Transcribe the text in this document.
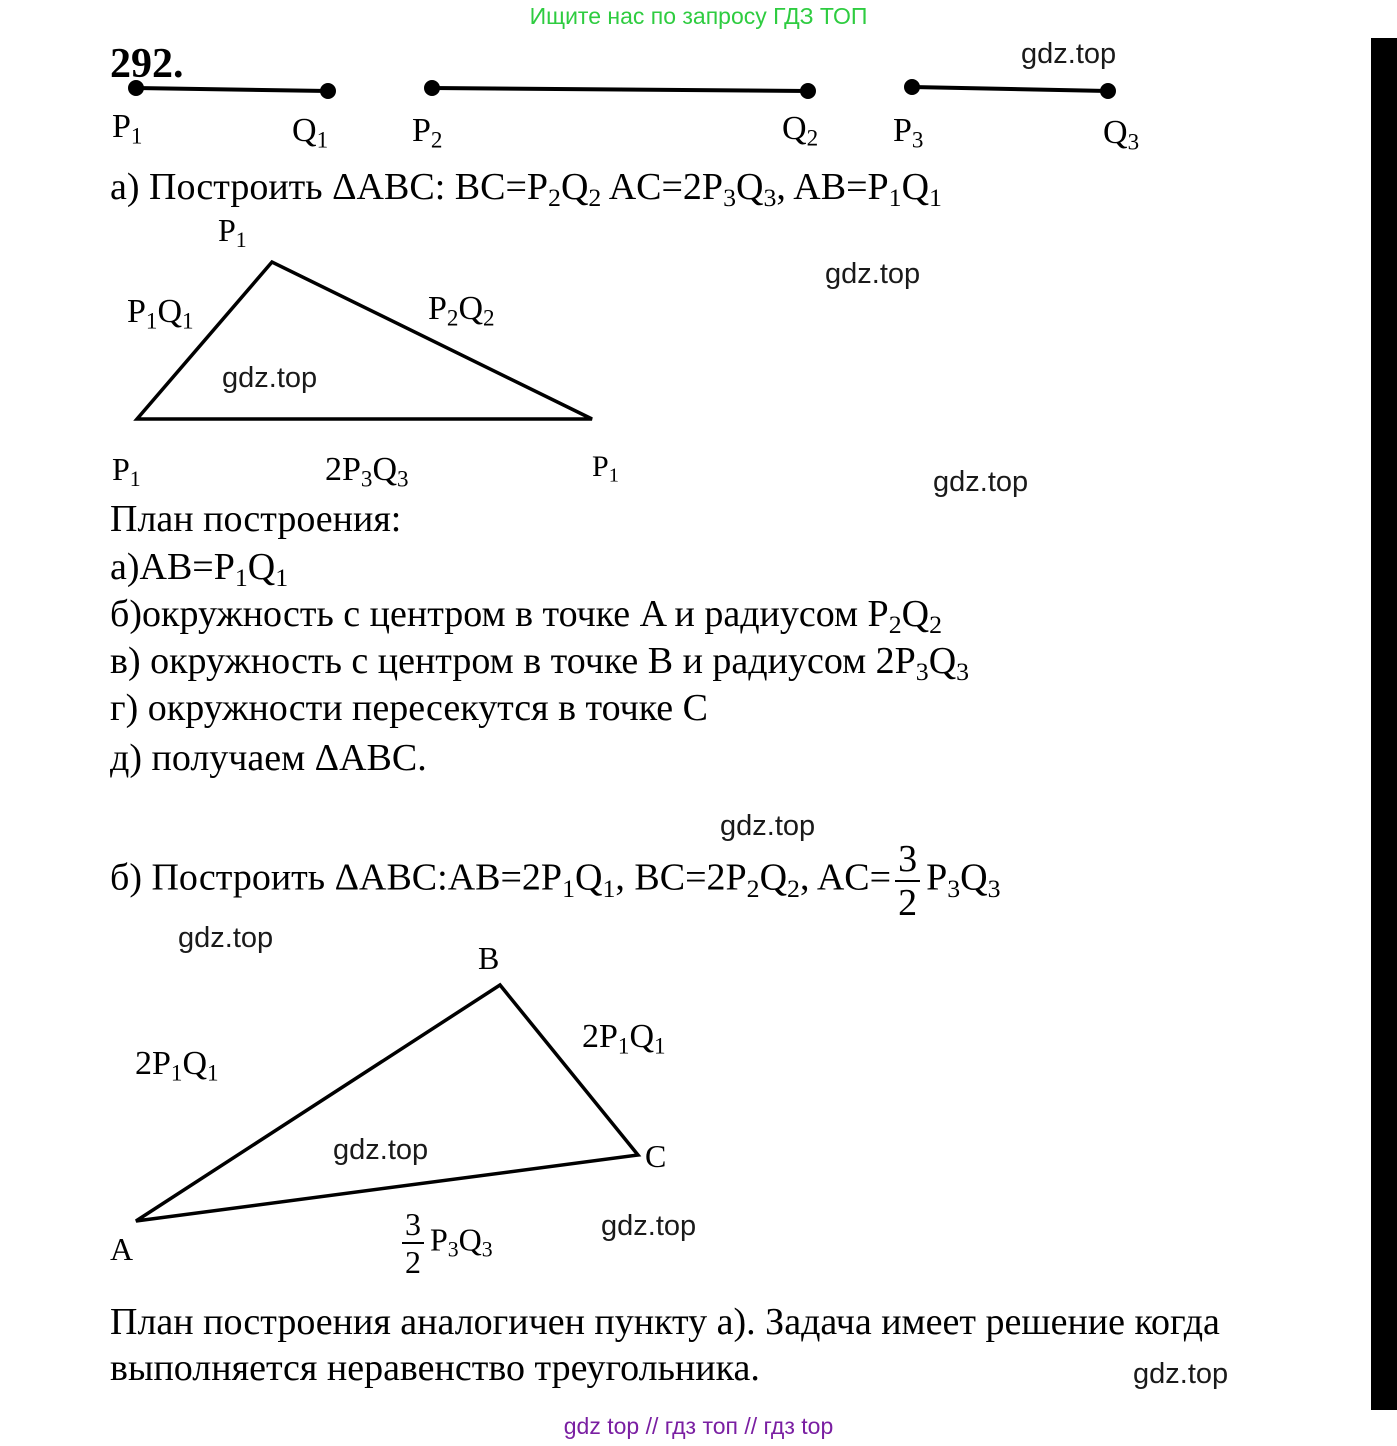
Ищите нас по запросу ГДЗ ТОП
gdz top // гдз топ // гдз top
292.
$P_1$	$Q_1$ $P_2$	$Q_2$ $P_3$	$Q_3$
а) Построить ΔABC: $BC=P_2Q_2$ $AC=2P_3Q_3$, $AB=P_1Q_1$
$P_1$
$P_1Q_1$	$P_2Q_2$
$P_1$	$2P_3Q_3$	$P_1$
План построения:
$а)AB=P_1Q_1$
б)окружность с центром в точке A и радиусом $P_2Q_2$
в) окружность с центром в точке B и радиусом $2P_3Q_3$
г) окружности пересекутся в точке C
д) получаем ΔABC.
б) Построить $\Delta ABC:AB=2P_1Q_1$, $BC=2P_2Q_2$, $AC= \frac{3}{2} P_3Q_3$
B
C
A
$2P_1Q_1$
$2P_1Q_1$
$\frac{3}{2} P_3Q_3$
План построения аналогичен пункту а). Задача имеет решение когда
выполняется неравенство треугольника.
gdz.top
gdz.top
gdz.top
gdz.top
gdz.top
gdz.top
gdz.top
gdz.top
gdz.top
